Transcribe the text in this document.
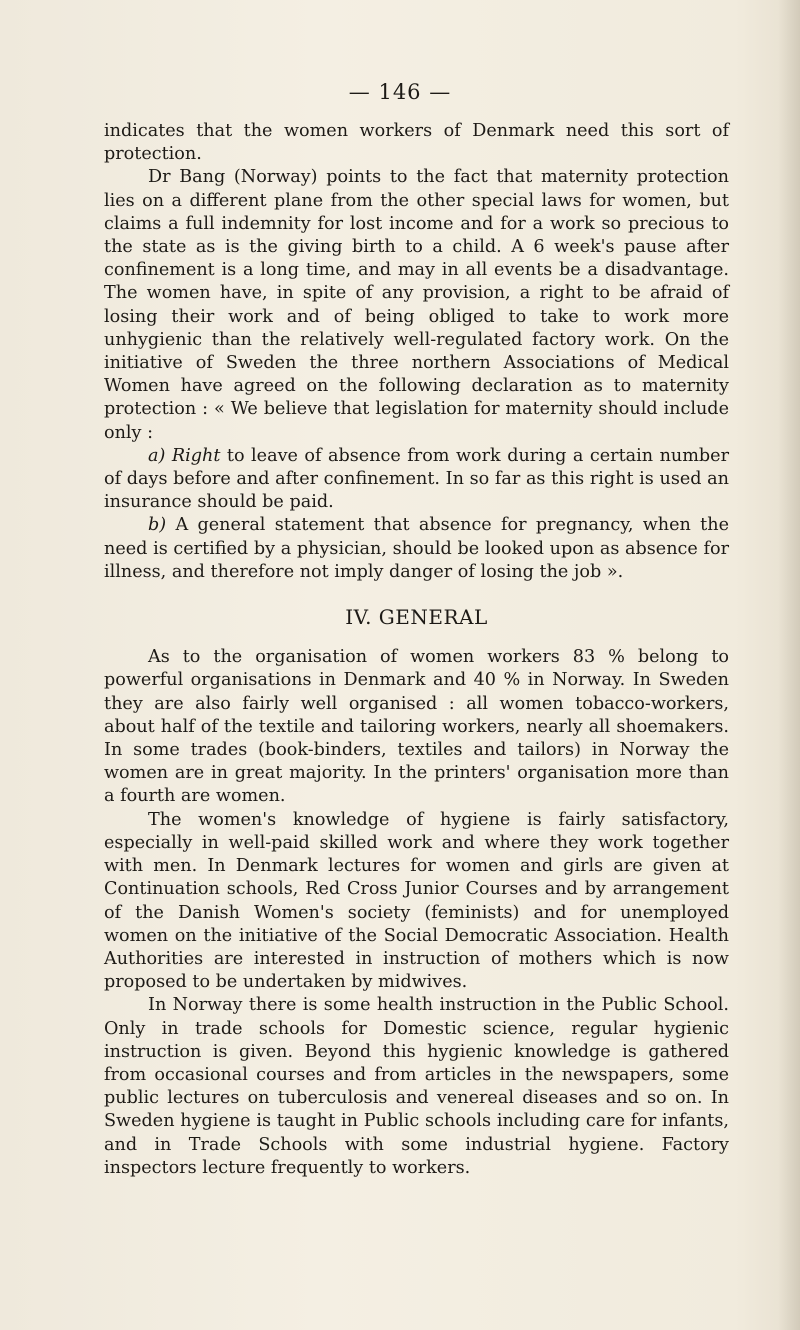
— 146 —

indicates that the women workers of Denmark need this sort of protection.

Dr Bang (Norway) points to the fact that maternity protection lies on a different plane from the other special laws for women, but claims a full indemnity for lost income and for a work so precious to the state as is the giving birth to a child. A 6 week's pause after confinement is a long time, and may in all events be a disadvantage. The women have, in spite of any provision, a right to be afraid of losing their work and of being obliged to take to work more unhygienic than the relatively well-regulated factory work. On the initiative of Sweden the three northern Associations of Medical Women have agreed on the following declaration as to maternity protection : « We believe that legislation for maternity should include only :

a) Right to leave of absence from work during a certain number of days before and after confinement. In so far as this right is used an insurance should be paid.

b) A general statement that absence for pregnancy, when the need is certified by a physician, should be looked upon as absence for illness, and therefore not imply danger of losing the job ».

IV. GENERAL

As to the organisation of women workers 83 % belong to powerful organisations in Denmark and 40 % in Norway. In Sweden they are also fairly well organised : all women tobacco-workers, about half of the textile and tailoring workers, nearly all shoemakers. In some trades (book-binders, textiles and tailors) in Norway the women are in great majority. In the printers' organisation more than a fourth are women.

The women's knowledge of hygiene is fairly satisfactory, especially in well-paid skilled work and where they work together with men. In Denmark lectures for women and girls are given at Continuation schools, Red Cross Junior Courses and by arrangement of the Danish Women's society (feminists) and for unemployed women on the initiative of the Social Democratic Association. Health Authorities are interested in instruction of mothers which is now proposed to be undertaken by midwives.

In Norway there is some health instruction in the Public School. Only in trade schools for Domestic science, regular hygienic instruction is given. Beyond this hygienic knowledge is gathered from occasional courses and from articles in the newspapers, some public lectures on tuberculosis and venereal diseases and so on. In Sweden hygiene is taught in Public schools including care for infants, and in Trade Schools with some industrial hygiene. Factory inspectors lecture frequently to workers.
